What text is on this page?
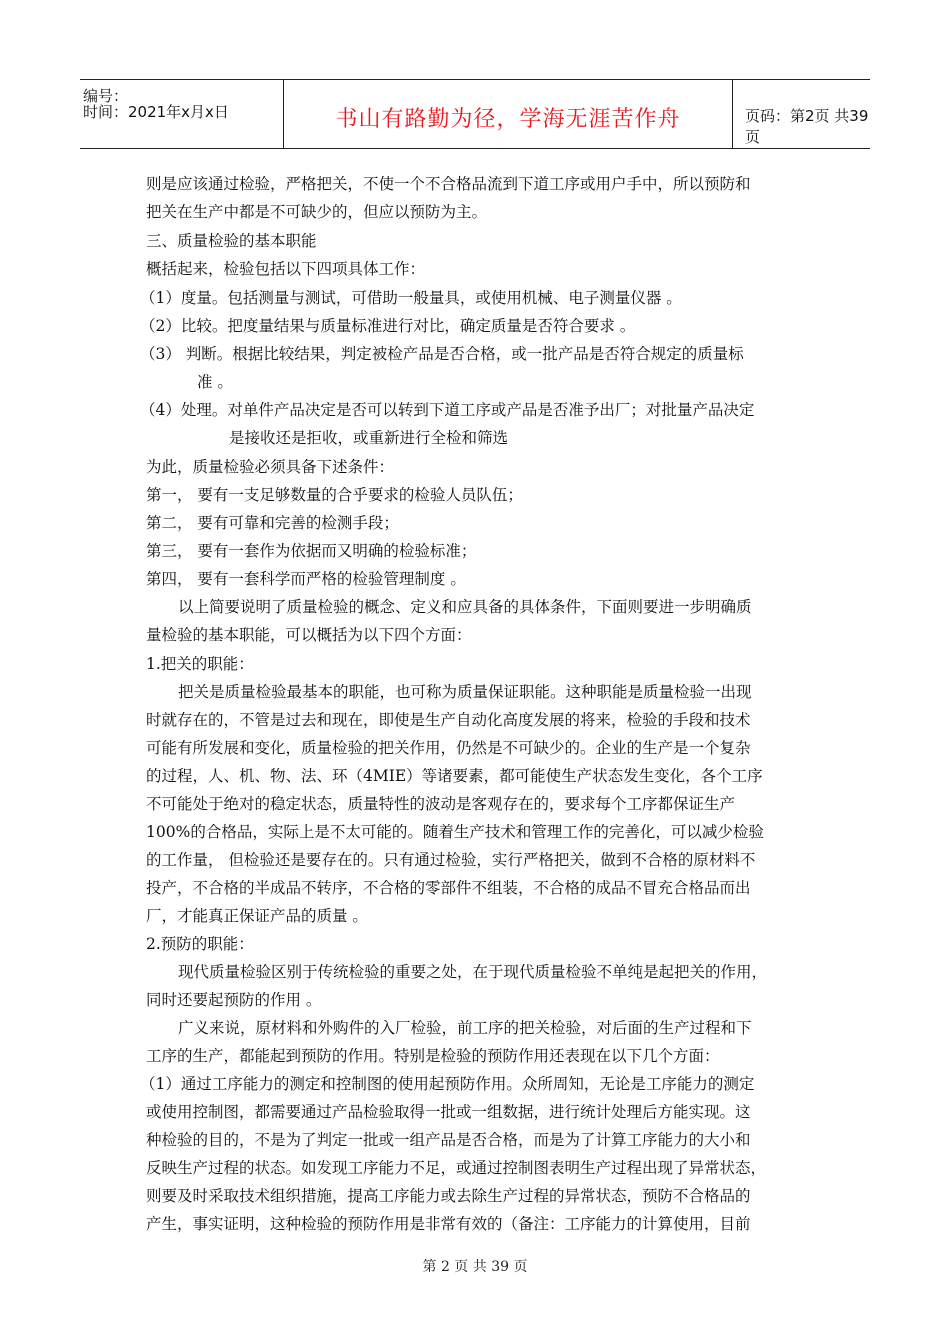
编号：
时间：2021年x月x日	书山有路勤为径，学海无涯苦作舟	页码：第2页 共39页
则是应该通过检验，严格把关，不使一个不合格品流到下道工序或用户手中，所以预防和
把关在生产中都是不可缺少的，但应以预防为主。
三、质量检验的基本职能
概括起来，检验包括以下四项具体工作：
（1）度量。包括测量与测试，可借助一般量具，或使用机械、电子测量仪器 。
（2）比较。把度量结果与质量标准进行对比，确定质量是否符合要求 。
（3） 判断。根据比较结果，判定被检产品是否合格，或一批产品是否符合规定的质量标
准 。
（4）处理。对单件产品决定是否可以转到下道工序或产品是否准予出厂；对批量产品决定
是接收还是拒收，或重新进行全检和筛选
为此，质量检验必须具备下述条件：
第一， 要有一支足够数量的合乎要求的检验人员队伍；
第二， 要有可靠和完善的检测手段；
第三， 要有一套作为依据而又明确的检验标准；
第四， 要有一套科学而严格的检验管理制度 。
以上简要说明了质量检验的概念、定义和应具备的具体条件，下面则要进一步明确质
量检验的基本职能，可以概括为以下四个方面：
1.把关的职能：
把关是质量检验最基本的职能，也可称为质量保证职能。这种职能是质量检验一出现
时就存在的，不管是过去和现在，即使是生产自动化高度发展的将来，检验的手段和技术
可能有所发展和变化，质量检验的把关作用，仍然是不可缺少的。企业的生产是一个复杂
的过程，人、机、物、法、环（4MIE）等诸要素，都可能使生产状态发生变化，各个工序
不可能处于绝对的稳定状态，质量特性的波动是客观存在的，要求每个工序都保证生产
100%的合格品，实际上是不太可能的。随着生产技术和管理工作的完善化，可以减少检验
的工作量， 但检验还是要存在的。只有通过检验，实行严格把关，做到不合格的原材料不
投产，不合格的半成品不转序，不合格的零部件不组装，不合格的成品不冒充合格品而出
厂，才能真正保证产品的质量 。
2.预防的职能：
现代质量检验区别于传统检验的重要之处，在于现代质量检验不单纯是起把关的作用，
同时还要起预防的作用 。
广义来说，原材料和外购件的入厂检验，前工序的把关检验，对后面的生产过程和下
工序的生产，都能起到预防的作用。特别是检验的预防作用还表现在以下几个方面：
（1）通过工序能力的测定和控制图的使用起预防作用。众所周知，无论是工序能力的测定
或使用控制图，都需要通过产品检验取得一批或一组数据，进行统计处理后方能实现。这
种检验的目的，不是为了判定一批或一组产品是否合格，而是为了计算工序能力的大小和
反映生产过程的状态。如发现工序能力不足，或通过控制图表明生产过程出现了异常状态，
则要及时采取技术组织措施，提高工序能力或去除生产过程的异常状态，预防不合格品的
产生，事实证明，这种检验的预防作用是非常有效的（备注：工序能力的计算使用，目前
第 2 页 共 39 页
